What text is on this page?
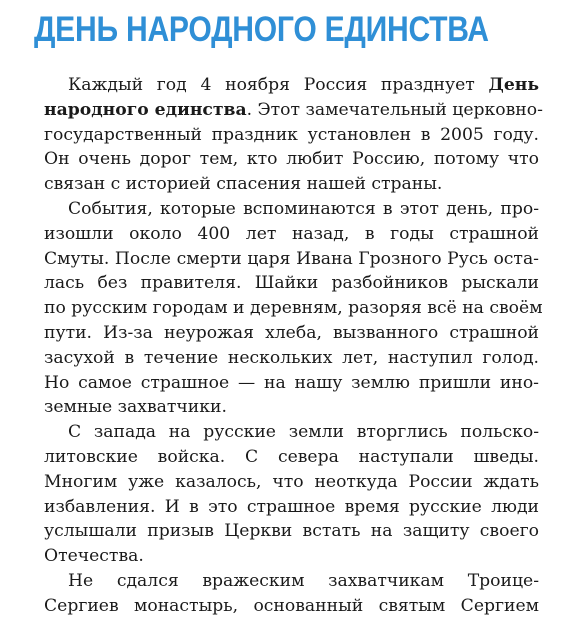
ДЕНЬ НАРОДНОГО ЕДИНСТВА

Каждый год 4 ноября Россия празднует День
народного единства. Этот замечательный церковно-
государственный праздник установлен в 2005 году.
Он очень дорог тем, кто любит Россию, потому что
связан с историей спасения нашей страны.

События, которые вспоминаются в этот день, про-
изошли около 400 лет назад, в годы страшной
Смуты. После смерти царя Ивана Грозного Русь оста-
лась без правителя. Шайки разбойников рыскали
по русским городам и деревням, разоряя всё на своём
пути. Из-за неурожая хлеба, вызванного страшной
засухой в течение нескольких лет, наступил голод.
Но самое страшное — на нашу землю пришли ино-
земные захватчики.

С запада на русские земли вторглись польско-
литовские войска. С севера наступали шведы.
Многим уже казалось, что неоткуда России ждать
избавления. И в это страшное время русские люди
услышали призыв Церкви встать на защиту своего
Отечества.

Не сдался вражеским захватчикам Троице-
Сергиев монастырь, основанный святым Сергием
